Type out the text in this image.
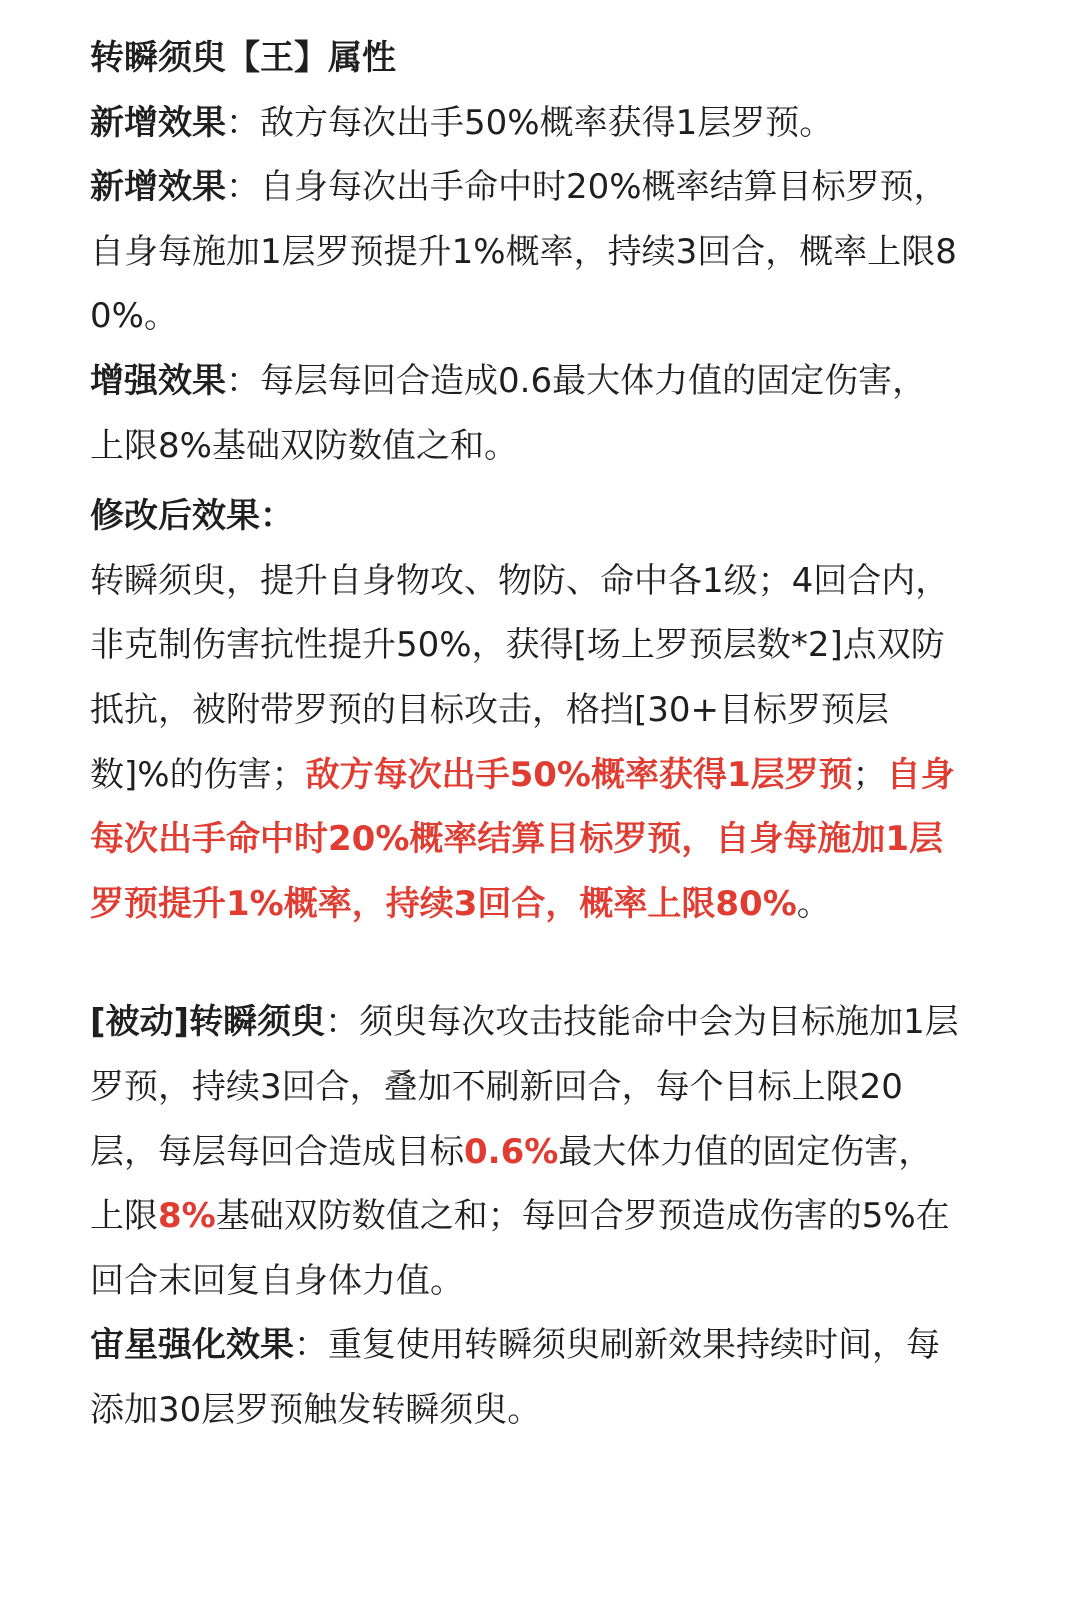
转瞬须臾【王】属性

新增效果：敌方每次出手50%概率获得1层罗预。

新增效果：自身每次出手命中时20%概率结算目标罗预，自身每施加1层罗预提升1%概率，持续3回合，概率上限80%。

增强效果：每层每回合造成0.6最大体力值的固定伤害，上限8%基础双防数值之和。

修改后效果：

转瞬须臾，提升自身物攻、物防、命中各1级；4回合内，非克制伤害抗性提升50%，获得[场上罗预层数*2]点双防抵抗，被附带罗预的目标攻击，格挡[30+目标罗预层数]%的伤害；敌方每次出手50%概率获得1层罗预；自身每次出手命中时20%概率结算目标罗预，自身每施加1层罗预提升1%概率，持续3回合，概率上限80%。

[被动]转瞬须臾：须臾每次攻击技能命中会为目标施加1层罗预，持续3回合，叠加不刷新回合，每个目标上限20层，每层每回合造成目标0.6%最大体力值的固定伤害，上限8%基础双防数值之和；每回合罗预造成伤害的5%在回合末回复自身体力值。

宙星强化效果：重复使用转瞬须臾刷新效果持续时间，每添加30层罗预触发转瞬须臾。
